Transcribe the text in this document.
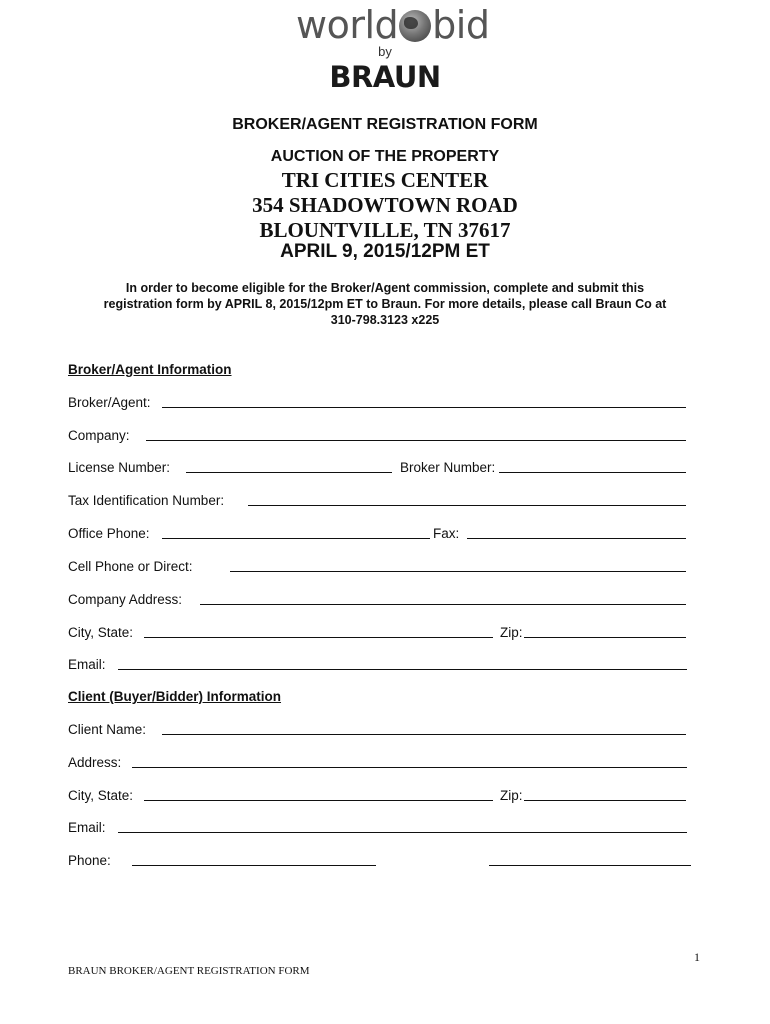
world bid
by
BRAUN
BROKER/AGENT REGISTRATION FORM
AUCTION OF THE PROPERTY
TRI CITIES CENTER
354 SHADOWTOWN ROAD
BLOUNTVILLE, TN 37617
APRIL 9, 2015/12PM ET
In order to become eligible for the Broker/Agent commission, complete and submit this
registration form by APRIL 8, 2015/12pm ET to Braun. For more details, please call Braun Co at
310-798.3123 x225
Broker/Agent Information
Broker/Agent:
Company:
License Number:	Broker Number:
Tax Identification Number:
Office Phone:	Fax:
Cell Phone or Direct:
Company Address:
City, State:	Zip:
Email:
Client (Buyer/Bidder) Information
Client Name:
Address:
City, State:	Zip:
Email:
Phone:
1
BRAUN BROKER/AGENT REGISTRATION FORM
